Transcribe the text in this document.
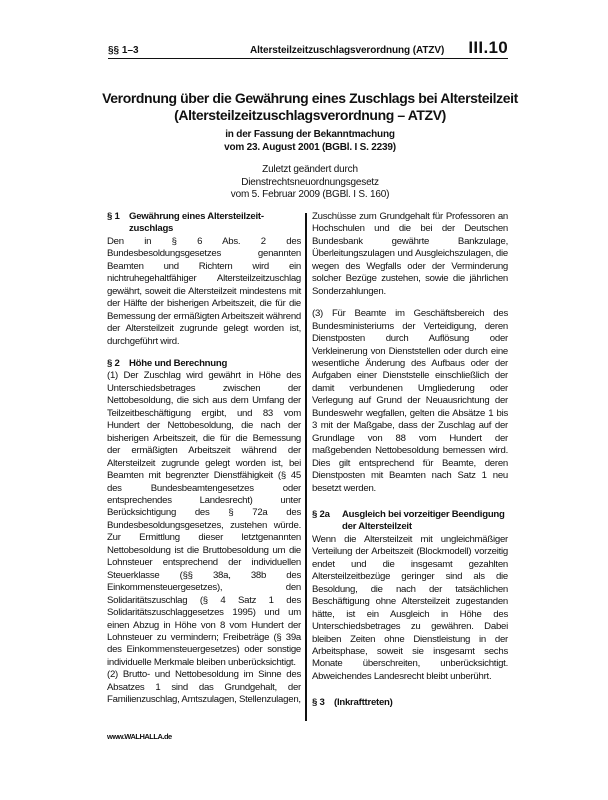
§§ 1–3	Altersteilzeitzuschlagsverordnung (ATZV) III.10
Verordnung über die Gewährung eines Zuschlags bei Altersteilzeit
(Altersteilzeitzuschlagsverordnung – ATZV)
in der Fassung der Bekanntmachung
vom 23. August 2001 (BGBl. I S. 2239)
Zuletzt geändert durch
Dienstrechtsneuordnungsgesetz
vom 5. Februar 2009 (BGBl. I S. 160)
§ 1 Gewährung eines Altersteilzeitzuschlags

Den in § 6 Abs. 2 des Bundesbesoldungsgesetzes genannten Beamten und Richtern wird ein nichtruhegehaltfähiger Altersteilzeitzuschlag gewährt, soweit die Altersteilzeit mindestens mit der Hälfte der bisherigen Arbeitszeit, die für die Bemessung der ermäßigten Arbeitszeit während der Altersteilzeit zugrunde gelegt worden ist, durchgeführt wird.

§ 2 Höhe und Berechnung

(1) Der Zuschlag wird gewährt in Höhe des Unterschiedsbetrages zwischen der Nettobesoldung, die sich aus dem Umfang der Teilzeitbeschäftigung ergibt, und 83 vom Hundert der Nettobesoldung, die nach der bisherigen Arbeitszeit, die für die Bemessung der ermäßigten Arbeitszeit während der Altersteilzeit zugrunde gelegt worden ist, bei Beamten mit begrenzter Dienstfähigkeit (§ 45 des Bundesbeamtengesetzes oder entsprechendes Landesrecht) unter Berücksichtigung des § 72a des Bundesbesoldungsgesetzes, zustehen würde. Zur Ermittlung dieser letztgenannten Nettobesoldung ist die Bruttobesoldung um die Lohnsteuer entsprechend der individuellen Steuerklasse (§§ 38a, 38b des Einkommensteuergesetzes), den Solidaritätszuschlag (§ 4 Satz 1 des Solidaritätszuschlaggesetzes 1995) und um einen Abzug in Höhe von 8 vom Hundert der Lohnsteuer zu vermindern; Freibeträge (§ 39a des Einkommensteuergesetzes) oder sonstige individuelle Merkmale bleiben unberücksichtigt.

(2) Brutto- und Nettobesoldung im Sinne des Absatzes 1 sind das Grundgehalt, der Familienzuschlag, Amtszulagen, Stellenzulagen,

Zuschüsse zum Grundgehalt für Professoren an Hochschulen und die bei der Deutschen Bundesbank gewährte Bankzulage, Überleitungszulagen und Ausgleichszulagen, die wegen des Wegfalls oder der Verminderung solcher Bezüge zustehen, sowie die jährlichen Sonderzahlungen.

(3) Für Beamte im Geschäftsbereich des Bundesministeriums der Verteidigung, deren Dienstposten durch Auflösung oder Verkleinerung von Dienststellen oder durch eine wesentliche Änderung des Aufbaus oder der Aufgaben einer Dienststelle einschließlich der damit verbundenen Umgliederung oder Verlegung auf Grund der Neuausrichtung der Bundeswehr wegfallen, gelten die Absätze 1 bis 3 mit der Maßgabe, dass der Zuschlag auf der Grundlage von 88 vom Hundert der maßgebenden Nettobesoldung bemessen wird. Dies gilt entsprechend für Beamte, deren Dienstposten mit Beamten nach Satz 1 neu besetzt werden.

§ 2a	Ausgleich bei vorzeitiger Beendigung der Altersteilzeit

Wenn die Altersteilzeit mit ungleichmäßiger Verteilung der Arbeitszeit (Blockmodell) vorzeitig endet und die insgesamt gezahlten Altersteilzeitbezüge geringer sind als die Besoldung, die nach der tatsächlichen Beschäftigung ohne Altersteilzeit zugestanden hätte, ist ein Ausgleich in Höhe des Unterschiedsbetrages zu gewähren. Dabei bleiben Zeiten ohne Dienstleistung in der Arbeitsphase, soweit sie insgesamt sechs Monate überschreiten, unberücksichtigt. Abweichendes Landesrecht bleibt unberührt.

§ 3 (Inkrafttreten)
www.WALHALLA.de
